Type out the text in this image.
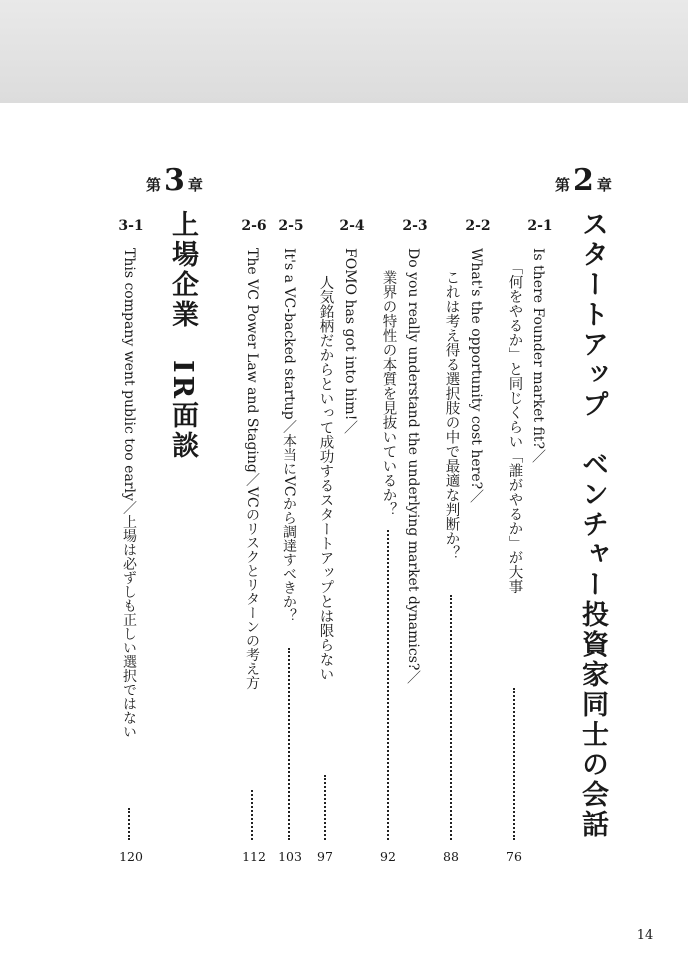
第 2 章
スタートアップ　ベンチャー投資家同士の会話
2-1
Is there Founder market fit?／
「何をやるか」と同じくらい「誰がやるか」が大事
76
2-2
What's the opportunity cost here?／
これは考え得る選択肢の中で最適な判断か？
88
2-3
Do you really understand the underlying market dynamics?／
業界の特性の本質を見抜いているか？
92
2-4
FOMO has got into him!／
人気銘柄だからといって成功するスタートアップとは限らない
97
2-5
It's a VC-backed startup／本当にVCから調達すべきか？
103
2-6
The VC Power Law and Staging／VCのリスクとリターンの考え方
112
第 3 章
上場企業　IR面談
3-1
This company went public too early／上場は必ずしも正しい選択ではない
120
14
